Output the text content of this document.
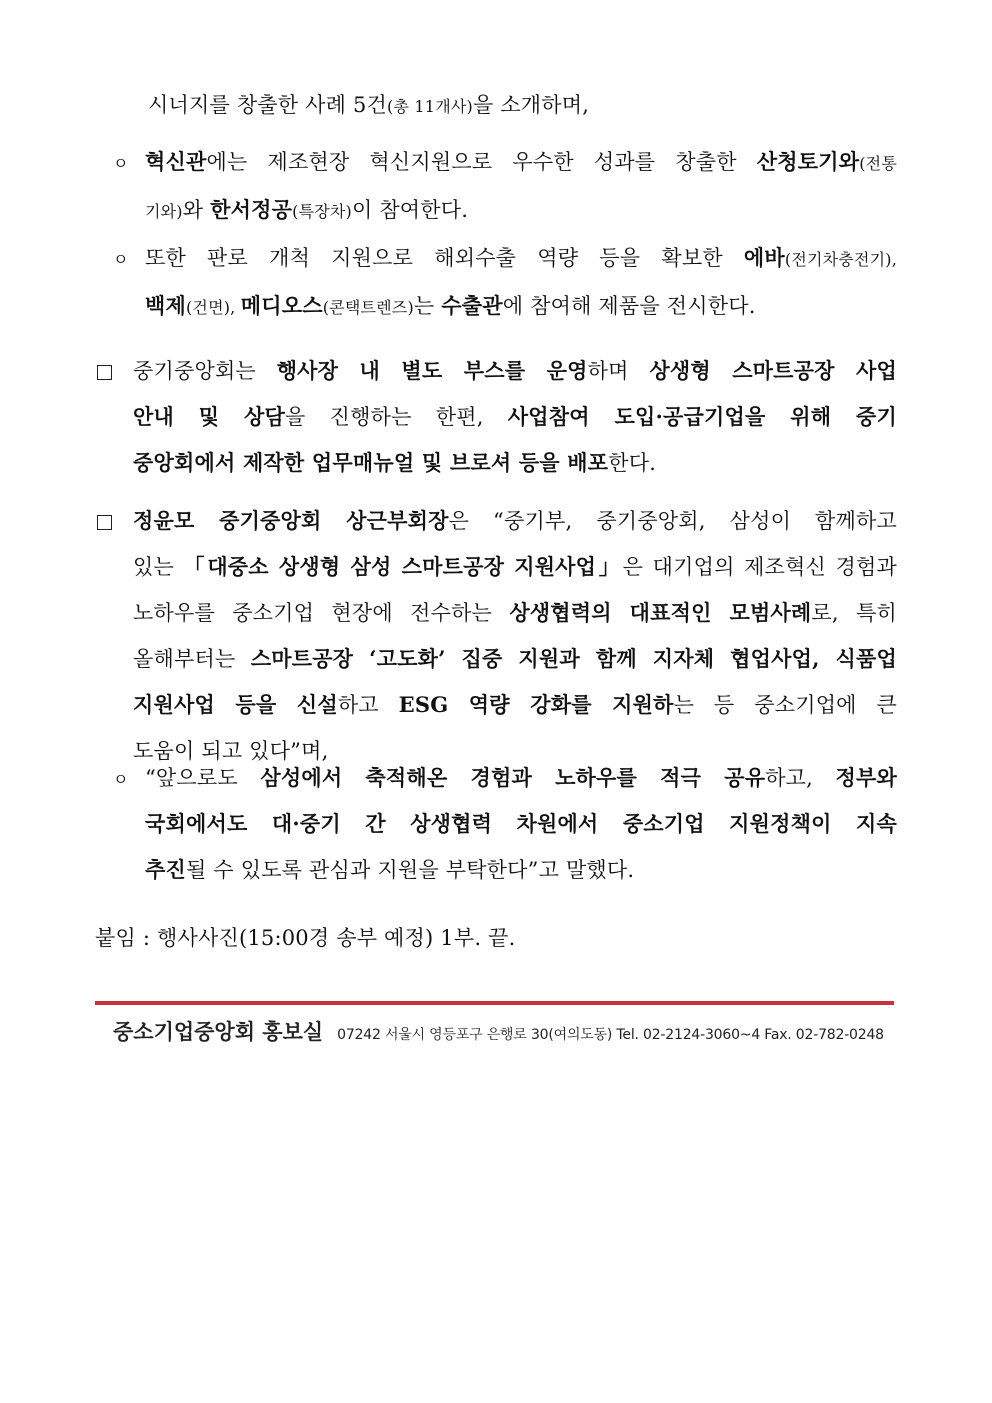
시너지를 창출한 사례 5건(총 11개사)을 소개하며,
ㅇ 혁신관에는 제조현장 혁신지원으로 우수한 성과를 창출한 산청토기와(전통
기와)와 한서정공(특장차)이 참여한다.
ㅇ 또한 판로 개척 지원으로 해외수출 역량 등을 확보한 에바(전기차충전기),
백제(건면), 메디오스(콘택트렌즈)는 수출관에 참여해 제품을 전시한다.
중기중앙회는 행사장 내 별도 부스를 운영하며 상생형 스마트공장 사업
안내 및 상담을 진행하는 한편, 사업참여 도입·공급기업을 위해 중기
중앙회에서 제작한 업무매뉴얼 및 브로셔 등을 배포한다.
정윤모 중기중앙회 상근부회장은 “중기부, 중기중앙회, 삼성이 함께하고
있는 「대중소 상생형 삼성 스마트공장 지원사업」은 대기업의 제조혁신 경험과
노하우를 중소기업 현장에 전수하는 상생협력의 대표적인 모범사례로, 특히
올해부터는 스마트공장 ‘고도화’ 집중 지원과 함께 지자체 협업사업, 식품업
지원사업 등을 신설하고 ESG 역량 강화를 지원하는 등 중소기업에 큰
도움이 되고 있다”며,
ㅇ “앞으로도 삼성에서 축적해온 경험과 노하우를 적극 공유하고, 정부와
국회에서도 대·중기 간 상생협력 차원에서 중소기업 지원정책이 지속
추진될 수 있도록 관심과 지원을 부탁한다”고 말했다.
붙임 : 행사사진(15:00경 송부 예정) 1부. 끝.
중소기업중앙회 홍보실 07242 서울시 영등포구 은행로 30(여의도동) Tel. 02-2124-3060~4 Fax. 02-782-0248
